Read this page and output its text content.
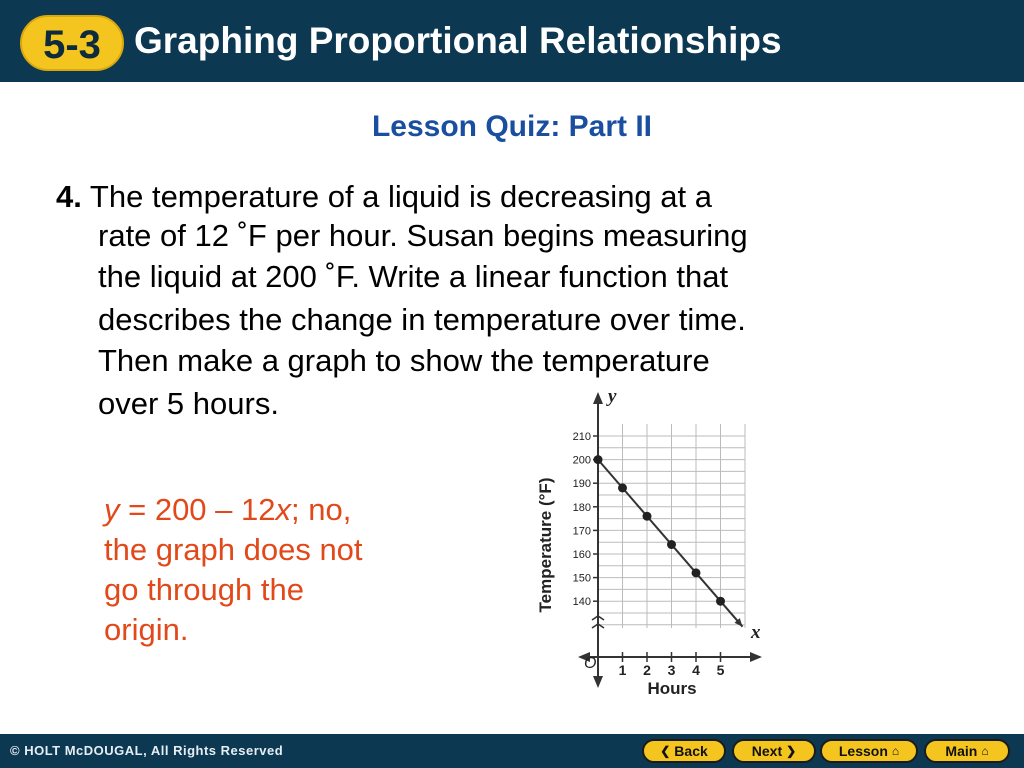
5-3 Graphing Proportional Relationships
Lesson Quiz: Part II
4. The temperature of a liquid is decreasing at a
rate of 12 ˚F per hour. Susan begins measuring
the liquid at 200 ˚F. Write a linear function that
describes the change in temperature over time.
Then make a graph to show the temperature
over 5 hours.
y = 200 – 12x; no,
the graph does not
go through the
origin.
140
150
160
170
180
190
200
210
1 2 3 4 5
Temperature (°F)
Hours
x
y
O
© HOLT McDOUGAL, All Rights Reserved	❮ Back	Next ❯	Lesson ⌂	Main ⌂
